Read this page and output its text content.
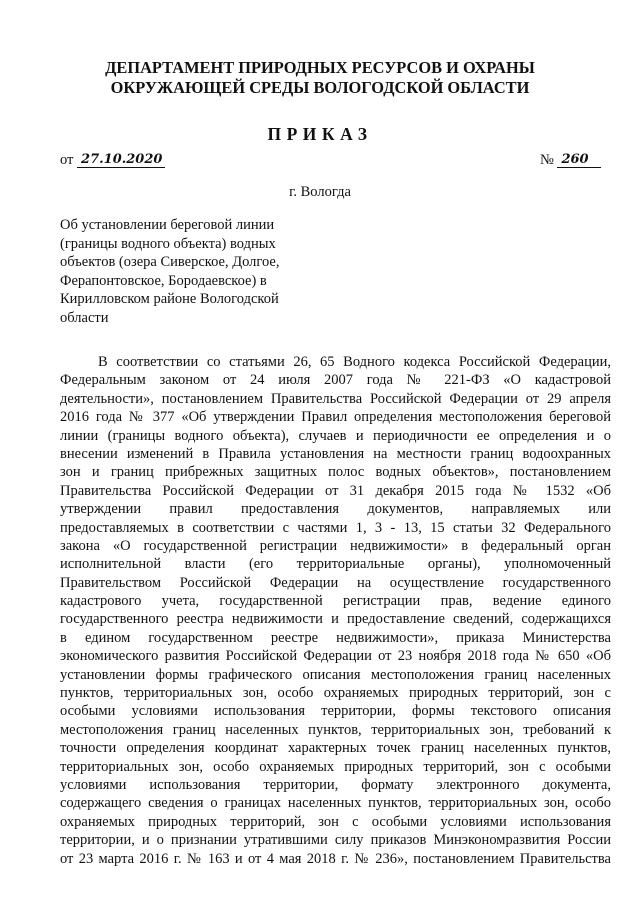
ДЕПАРТАМЕНТ ПРИРОДНЫХ РЕСУРСОВ И ОХРАНЫ
ОКРУЖАЮЩЕЙ СРЕДЫ ВОЛОГОДСКОЙ ОБЛАСТИ
ПРИКАЗ
от 27.10.2020	№ 260
г. Вологда
Об установлении береговой линии
(границы водного объекта) водных
объектов (озера Сиверское, Долгое,
Ферапонтовское, Бородаевское) в
Кирилловском районе Вологодской
области
В соответствии со статьями 26, 65 Водного кодекса Российской Федерации,
Федеральным законом от 24 июля 2007 года № 221-ФЗ «О кадастровой
деятельности», постановлением Правительства Российской Федерации от 29 апреля
2016 года № 377 «Об утверждении Правил определения местоположения береговой
линии (границы водного объекта), случаев и периодичности ее определения и о
внесении изменений в Правила установления на местности границ водоохранных
зон и границ прибрежных защитных полос водных объектов», постановлением
Правительства Российской Федерации от 31 декабря 2015 года № 1532 «Об
утверждении правил предоставления документов, направляемых или
предоставляемых в соответствии с частями 1, 3 - 13, 15 статьи 32 Федерального
закона «О государственной регистрации недвижимости» в федеральный орган
исполнительной власти (его территориальные органы), уполномоченный
Правительством Российской Федерации на осуществление государственного
кадастрового учета, государственной регистрации прав, ведение единого
государственного реестра недвижимости и предоставление сведений, содержащихся
в едином государственном реестре недвижимости», приказа Министерства
экономического развития Российской Федерации от 23 ноября 2018 года № 650 «Об
установлении формы графического описания местоположения границ населенных
пунктов, территориальных зон, особо охраняемых природных территорий, зон с
особыми условиями использования территории, формы текстового описания
местоположения границ населенных пунктов, территориальных зон, требований к
точности определения координат характерных точек границ населенных пунктов,
территориальных зон, особо охраняемых природных территорий, зон с особыми
условиями использования территории, формату электронного документа,
содержащего сведения о границах населенных пунктов, территориальных зон, особо
охраняемых природных территорий, зон с особыми условиями использования
территории, и о признании утратившими силу приказов Минэкономразвития России
от 23 марта 2016 г. № 163 и от 4 мая 2018 г. № 236», постановлением Правительства
